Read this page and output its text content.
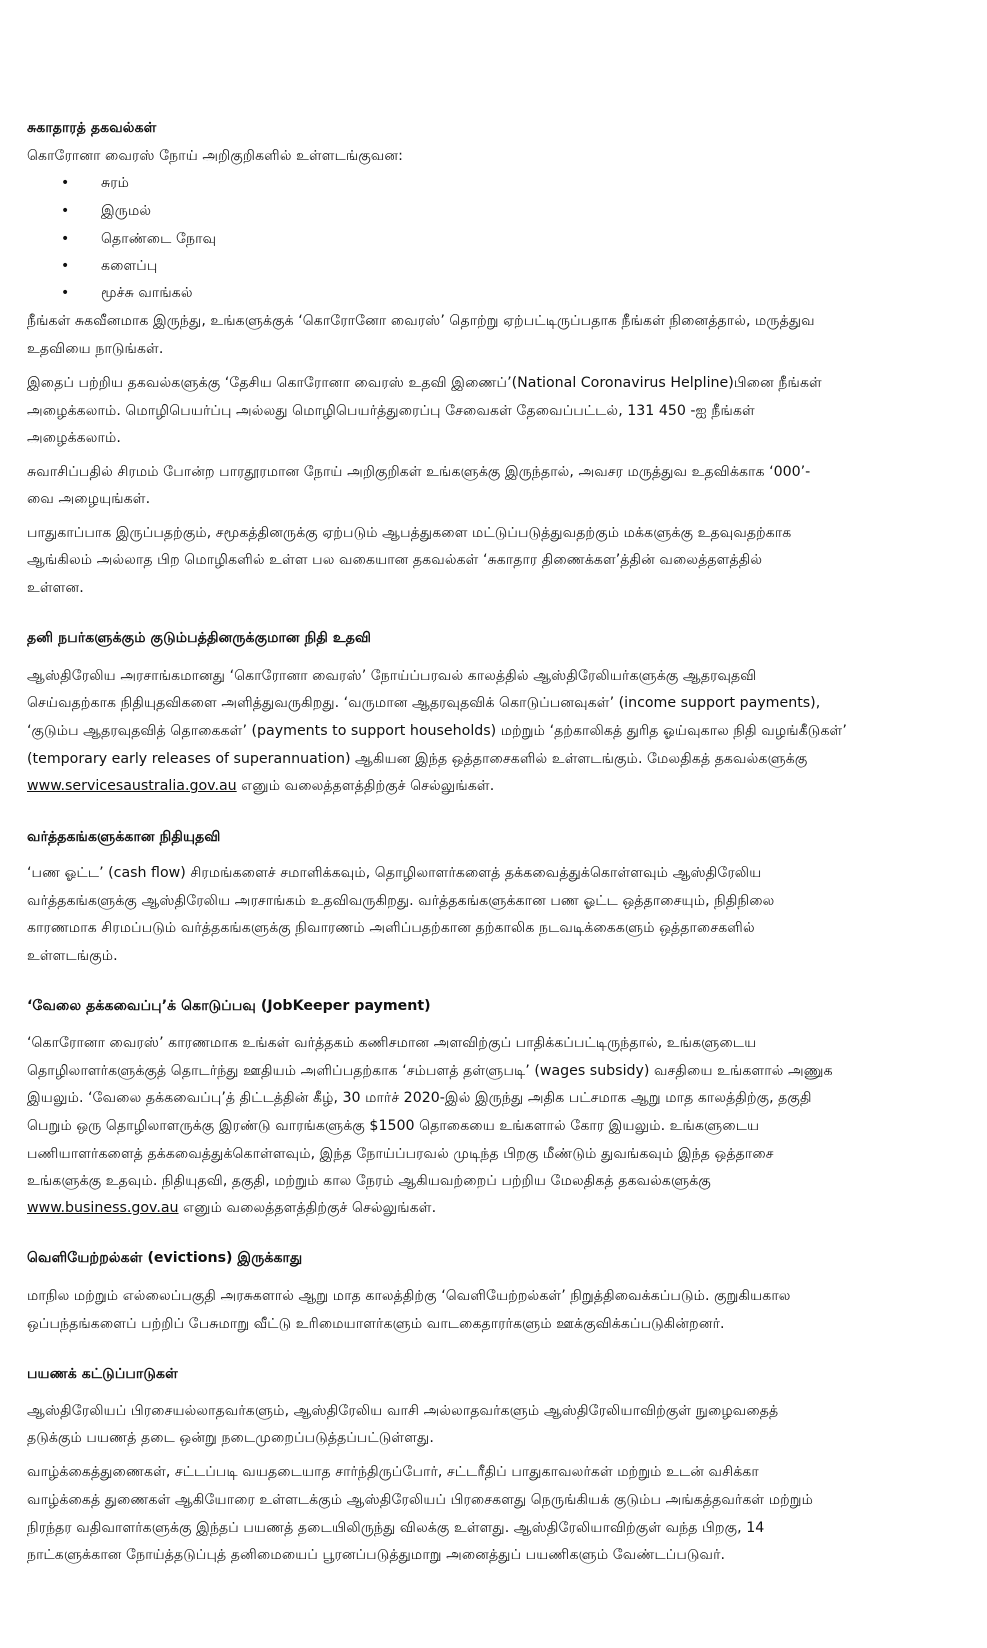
சுகாதாரத் தகவல்கள்
கொரோனா வைரஸ் நோய் அறிகுறிகளில் உள்ளடங்குவன:
• சுரம்
• இருமல்
• தொண்டை நோவு
• களைப்பு
• மூச்சு வாங்கல்
நீங்கள் சுகவீனமாக இருந்து, உங்களுக்குக் ‘கொரோனோ வைரஸ்’ தொற்று ஏற்பட்டிருப்பதாக நீங்கள் நினைத்தால், மருத்துவ
உதவியை நாடுங்கள்.
இதைப் பற்றிய தகவல்களுக்கு ‘தேசிய கொரோனா வைரஸ் உதவி இணைப்’(National Coronavirus Helpline)பினை நீங்கள்
அழைக்கலாம். மொழிபெயர்ப்பு அல்லது மொழிபெயர்த்துரைப்பு சேவைகள் தேவைப்பட்டல், 131 450 -ஐ நீங்கள்
அழைக்கலாம்.
சுவாசிப்பதில் சிரமம் போன்ற பாரதூரமான நோய் அறிகுறிகள் உங்களுக்கு இருந்தால், அவசர மருத்துவ உதவிக்காக ‘000’-
வை அழையுங்கள்.
பாதுகாப்பாக இருப்பதற்கும், சமூகத்தினருக்கு ஏற்படும் ஆபத்துகளை மட்டுப்படுத்துவதற்கும் மக்களுக்கு உதவுவதற்காக
ஆங்கிலம் அல்லாத பிற மொழிகளில் உள்ள பல வகையான தகவல்கள் ‘சுகாதார திணைக்கள’த்தின் வலைத்தளத்தில்
உள்ளன.
தனி நபர்களுக்கும் குடும்பத்தினருக்குமான நிதி உதவி
ஆஸ்திரேலிய அரசாங்கமானது ‘கொரோனா வைரஸ்’ நோய்ப்பரவல் காலத்தில் ஆஸ்திரேலியர்களுக்கு ஆதரவுதவி
செய்வதற்காக நிதியுதவிகளை அளித்துவருகிறது. ‘வருமான ஆதரவுதவிக் கொடுப்பனவுகள்’ (income support payments),
‘குடும்ப ஆதரவுதவித் தொகைகள்’ (payments to support households) மற்றும் ‘தற்காலிகத் துரித ஓய்வுகால நிதி வழங்கீடுகள்’
(temporary early releases of superannuation) ஆகியன இந்த ஒத்தாசைகளில் உள்ளடங்கும். மேலதிகத் தகவல்களுக்கு
www.servicesaustralia.gov.au எனும் வலைத்தளத்திற்குச் செல்லுங்கள்.
வர்த்தகங்களுக்கான நிதியுதவி
‘பண ஓட்ட’ (cash flow) சிரமங்களைச் சமாளிக்கவும், தொழிலாளர்களைத் தக்கவைத்துக்கொள்ளவும் ஆஸ்திரேலிய
வர்த்தகங்களுக்கு ஆஸ்திரேலிய அரசாங்கம் உதவிவருகிறது. வர்த்தகங்களுக்கான பண ஓட்ட ஒத்தாசையும், நிதிநிலை
காரணமாக சிரமப்படும் வர்த்தகங்களுக்கு நிவாரணம் அளிப்பதற்கான தற்காலிக நடவடிக்கைகளும் ஒத்தாசைகளில்
உள்ளடங்கும்.
‘வேலை தக்கவைப்பு’க் கொடுப்பவு (JobKeeper payment)
‘கொரோனா வைரஸ்’ காரணமாக உங்கள் வர்த்தகம் கணிசமான அளவிற்குப் பாதிக்கப்பட்டிருந்தால், உங்களுடைய
தொழிலாளர்களுக்குத் தொடர்ந்து ஊதியம் அளிப்பதற்காக ‘சம்பளத் தள்ளுபடி’ (wages subsidy) வசதியை உங்களால் அணுக
இயலும். ‘வேலை தக்கவைப்பு’த் திட்டத்தின் கீழ், 30 மார்ச் 2020-இல் இருந்து அதிக பட்சமாக ஆறு மாத காலத்திற்கு, தகுதி
பெறும் ஒரு தொழிலாளருக்கு இரண்டு வாரங்களுக்கு $1500 தொகையை உங்களால் கோர இயலும். உங்களுடைய
பணியாளர்களைத் தக்கவைத்துக்கொள்ளவும், இந்த நோய்ப்பரவல் முடிந்த பிறகு மீண்டும் துவங்கவும் இந்த ஒத்தாசை
உங்களுக்கு உதவும். நிதியுதவி, தகுதி, மற்றும் கால நேரம் ஆகியவற்றைப் பற்றிய மேலதிகத் தகவல்களுக்கு
www.business.gov.au எனும் வலைத்தளத்திற்குச் செல்லுங்கள்.
வெளியேற்றல்கள் (evictions) இருக்காது
மாநில மற்றும் எல்லைப்பகுதி அரசுகளால் ஆறு மாத காலத்திற்கு ‘வெளியேற்றல்கள்’ நிறுத்திவைக்கப்படும். குறுகியகால
ஒப்பந்தங்களைப் பற்றிப் பேசுமாறு வீட்டு உரிமையாளர்களும் வாடகைதாரர்களும் ஊக்குவிக்கப்படுகின்றனர்.
பயணக் கட்டுப்பாடுகள்
ஆஸ்திரேலியப் பிரசையல்லாதவர்களும், ஆஸ்திரேலிய வாசி அல்லாதவர்களும் ஆஸ்திரேலியாவிற்குள் நுழைவதைத்
தடுக்கும் பயணத் தடை ஒன்று நடைமுறைப்படுத்தப்பட்டுள்ளது.
வாழ்க்கைத்துணைகள், சட்டப்படி வயதடையாத சார்ந்திருப்போர், சட்டரீதிப் பாதுகாவலர்கள் மற்றும் உடன் வசிக்கா
வாழ்க்கைத் துணைகள் ஆகியோரை உள்ளடக்கும் ஆஸ்திரேலியப் பிரசைகளது நெருங்கியக் குடும்ப அங்கத்தவர்கள் மற்றும்
நிரந்தர வதிவாளர்களுக்கு இந்தப் பயணத் தடையிலிருந்து விலக்கு உள்ளது. ஆஸ்திரேலியாவிற்குள் வந்த பிறகு, 14
நாட்களுக்கான நோய்த்தடுப்புத் தனிமையைப் பூரனப்படுத்துமாறு அனைத்துப் பயணிகளும் வேண்டப்படுவர்.
